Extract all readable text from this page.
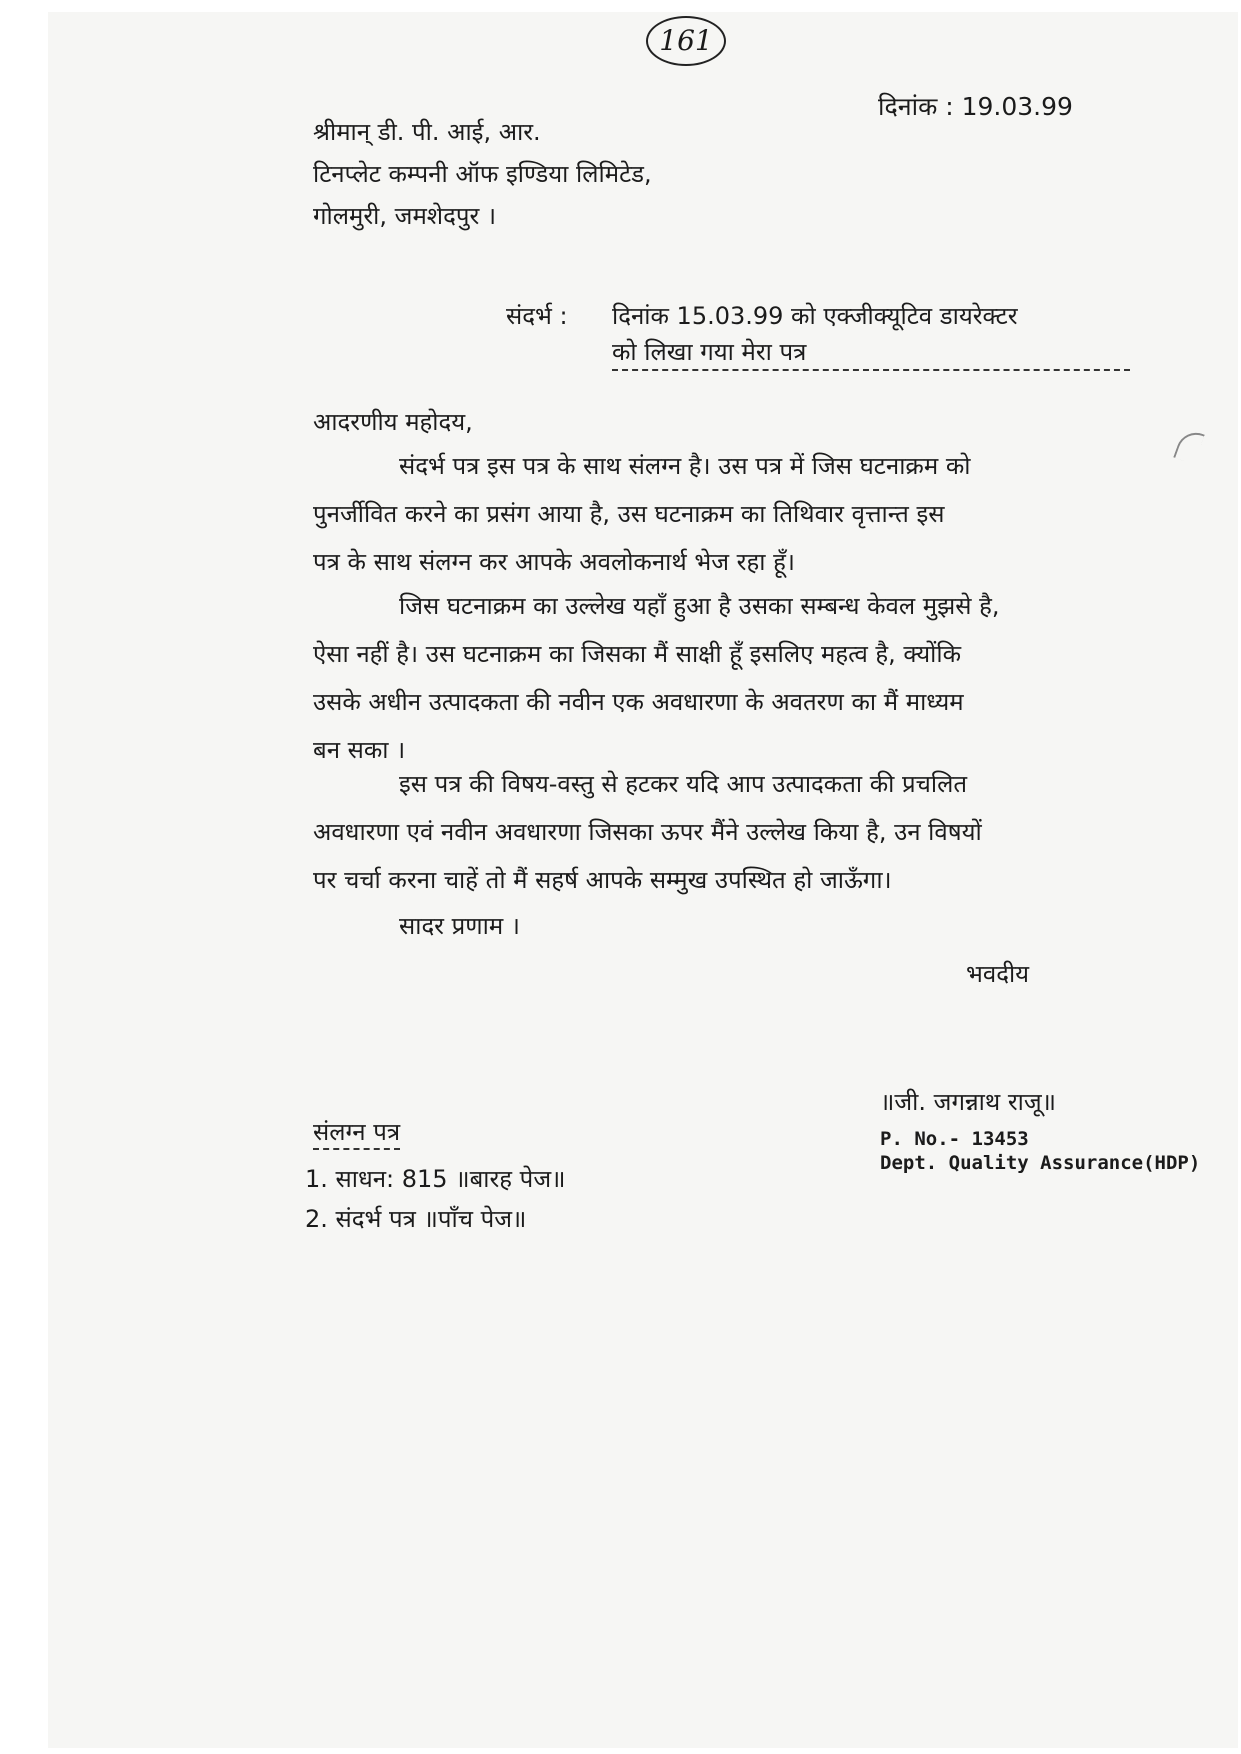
161
दिनांक : 19.03.99
श्रीमान् डी. पी. आई, आर.
टिनप्लेट कम्पनी ऑफ इण्डिया लिमिटेड,
गोलमुरी, जमशेदपुर ।
संदर्भ : दिनांक 15.03.99 को एक्जीक्यूटिव डायरेक्टर
को लिखा गया मेरा पत्र
आदरणीय महोदय,
संदर्भ पत्र इस पत्र के साथ संलग्न है। उस पत्र में जिस घटनाक्रम को
पुनर्जीवित करने का प्रसंग आया है, उस घटनाक्रम का तिथिवार वृत्तान्त इस
पत्र के साथ संलग्न कर आपके अवलोकनार्थ भेज रहा हूँ।
जिस घटनाक्रम का उल्लेख यहाँ हुआ है उसका सम्बन्ध केवल मुझसे है,
ऐसा नहीं है। उस घटनाक्रम का जिसका मैं साक्षी हूँ इसलिए महत्व है, क्योंकि
उसके अधीन उत्पादकता की नवीन एक अवधारणा के अवतरण का मैं माध्यम
बन सका ।
इस पत्र की विषय-वस्तु से हटकर यदि आप उत्पादकता की प्रचलित
अवधारणा एवं नवीन अवधारणा जिसका ऊपर मैंने उल्लेख किया है, उन विषयों
पर चर्चा करना चाहें तो मैं सहर्ष आपके सम्मुख उपस्थित हो जाऊँगा।
सादर प्रणाम ।
भवदीय
॥जी. जगन्नाथ राजू॥
P. No.- 13453
Dept. Quality Assurance(HDP)
संलग्न पत्र
1. साधन: 815 ॥बारह पेज॥
2. संदर्भ पत्र ॥पाँच पेज॥
